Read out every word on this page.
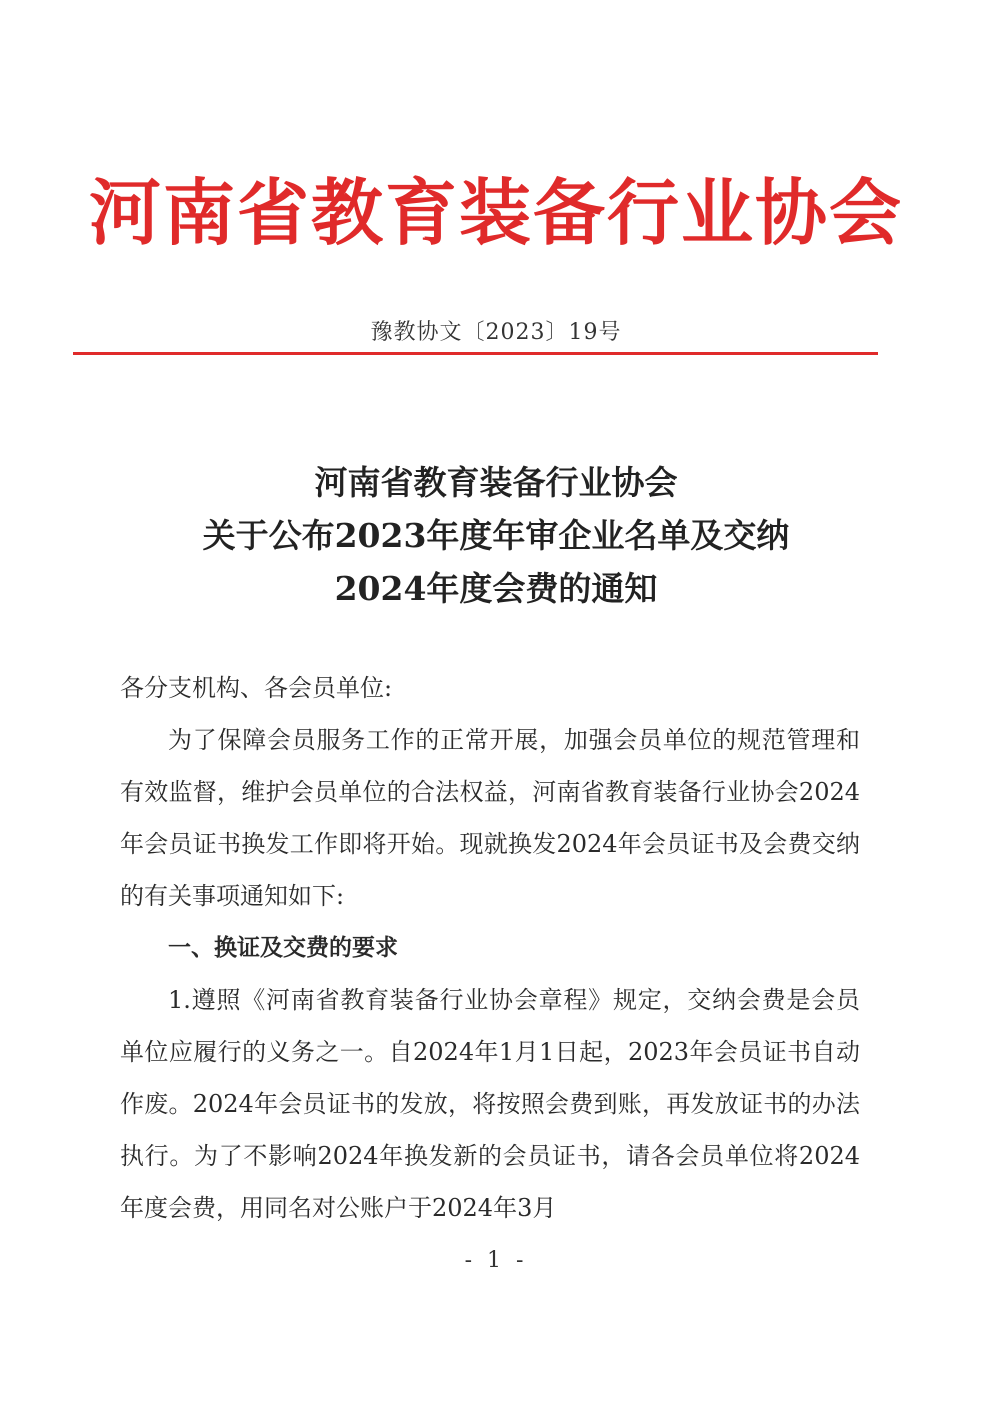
河南省教育装备行业协会
豫教协文〔2023〕19号
河南省教育装备行业协会
关于公布2023年度年审企业名单及交纳
2024年度会费的通知

各分支机构、各会员单位:

为了保障会员服务工作的正常开展，加强会员单位的规范管理和有效监督，维护会员单位的合法权益，河南省教育装备行业协会2024年会员证书换发工作即将开始。现就换发2024年会员证书及会费交纳的有关事项通知如下:

一、换证及交费的要求

1.遵照《河南省教育装备行业协会章程》规定，交纳会费是会员单位应履行的义务之一。自2024年1月1日起，2023年会员证书自动作废。2024年会员证书的发放，将按照会费到账，再发放证书的办法执行。为了不影响2024年换发新的会员证书，请各会员单位将2024年度会费，用同名对公账户于2024年3月

- 1 -
